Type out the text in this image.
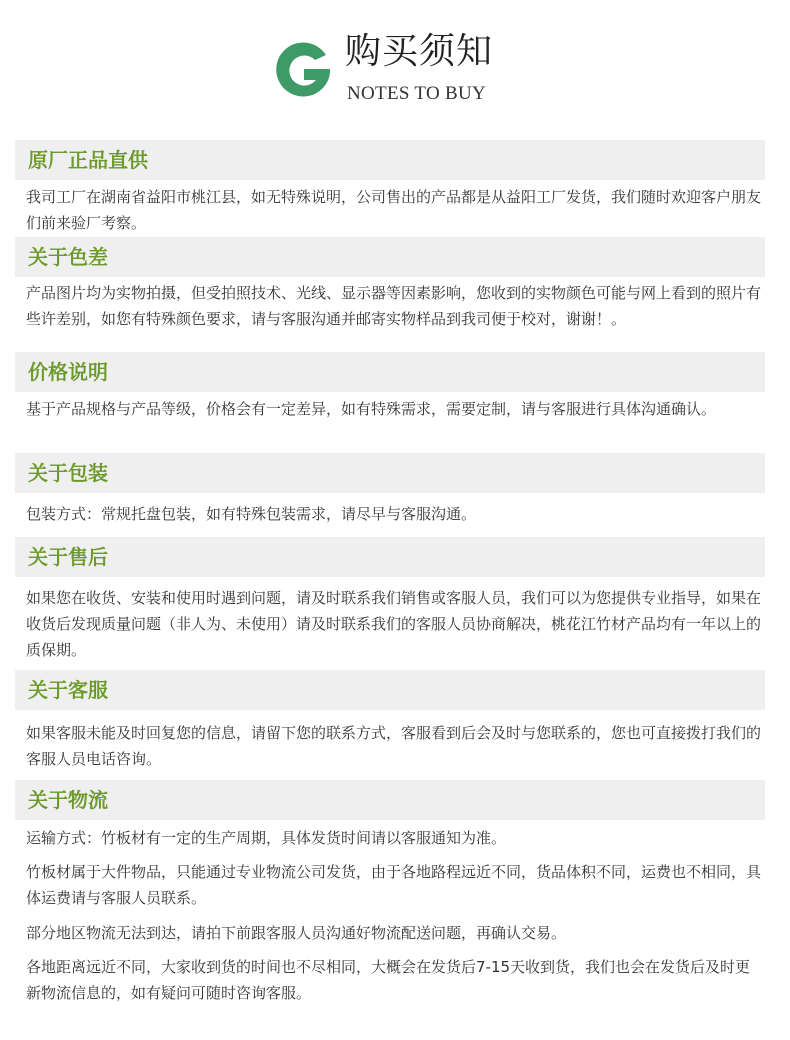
购买须知
NOTES TO BUY
原厂正品直供

我司工厂在湖南省益阳市桃江县，如无特殊说明，公司售出的产品都是从益阳工厂发货，我们随时欢迎客户朋友们前来验厂考察。

关于色差

产品图片均为实物拍摄，但受拍照技术、光线、显示器等因素影响，您收到的实物颜色可能与网上看到的照片有些许差别，如您有特殊颜色要求，请与客服沟通并邮寄实物样品到我司便于校对，谢谢！。

价格说明

基于产品规格与产品等级，价格会有一定差异，如有特殊需求，需要定制，请与客服进行具体沟通确认。

关于包装

包装方式：常规托盘包装，如有特殊包装需求，请尽早与客服沟通。

关于售后

如果您在收货、安装和使用时遇到问题，请及时联系我们销售或客服人员，我们可以为您提供专业指导，如果在收货后发现质量问题（非人为、未使用）请及时联系我们的客服人员协商解决，桃花江竹材产品均有一年以上的质保期。

关于客服

如果客服未能及时回复您的信息，请留下您的联系方式，客服看到后会及时与您联系的，您也可直接拨打我们的客服人员电话咨询。

关于物流

运输方式：竹板材有一定的生产周期，具体发货时间请以客服通知为准。

竹板材属于大件物品，只能通过专业物流公司发货，由于各地路程远近不同，货品体积不同，运费也不相同，具体运费请与客服人员联系。

部分地区物流无法到达，请拍下前跟客服人员沟通好物流配送问题，再确认交易。

各地距离远近不同，大家收到货的时间也不尽相同，大概会在发货后7-15天收到货，我们也会在发货后及时更新物流信息的，如有疑问可随时咨询客服。
